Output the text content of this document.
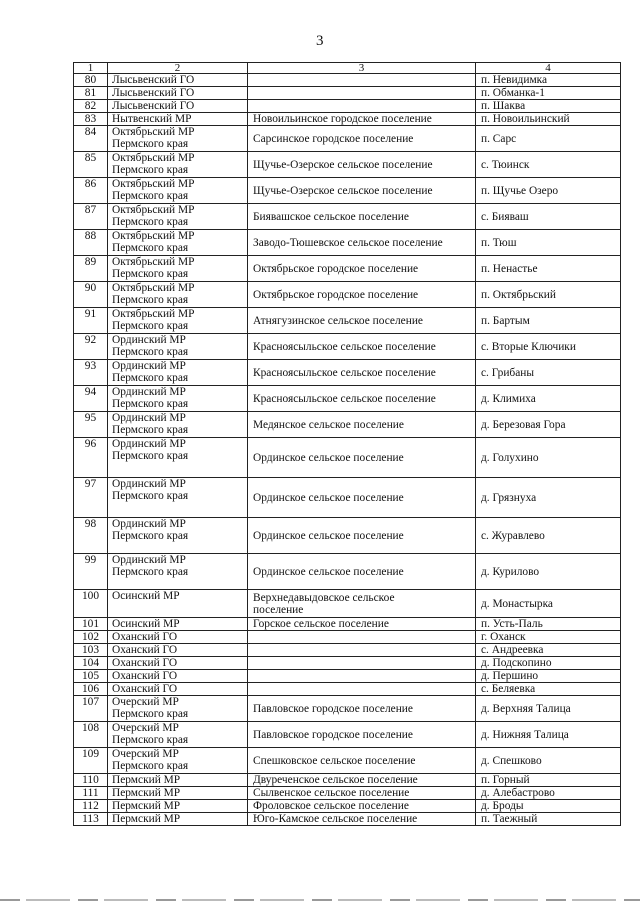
3
1	2	3	4
80	Лысьвенский ГО		п. Невидимка
81	Лысьвенский ГО		п. Обманка-1
82	Лысьвенский ГО		п. Шаква
83	Нытвенский МР	Новоильинское городское поселение	п. Новоильинский
84	Октябрьский МР
Пермского края	Сарсинское городское поселение	п. Сарс
85	Октябрьский МР
Пермского края	Щучье-Озерское сельское поселение	с. Тюинск
86	Октябрьский МР
Пермского края	Щучье-Озерское сельское поселение	п. Щучье Озеро
87	Октябрьский МР
Пермского края	Биявашское сельское поселение	с. Бияваш
88	Октябрьский МР
Пермского края	Заводо-Тюшевское сельское поселение	п. Тюш
89	Октябрьский МР
Пермского края	Октябрьское городское поселение	п. Ненастье
90	Октябрьский МР
Пермского края	Октябрьское городское поселение	п. Октябрьский
91	Октябрьский МР
Пермского края	Атнягузинское сельское поселение	п. Бартым
92	Ординский МР
Пермского края	Красноясыльское сельское поселение	с. Вторые Ключики
93	Ординский МР
Пермского края	Красноясыльское сельское поселение	с. Грибаны
94	Ординский МР
Пермского края	Красноясыльское сельское поселение	д. Климиха
95	Ординский МР
Пермского края	Медянское сельское поселение	д. Березовая Гора
96	Ординский МР
Пермского края	Ординское сельское поселение	д. Голухино
97	Ординский МР
Пермского края	Ординское сельское поселение	д. Грязнуха
98	Ординский МР
Пермского края	Ординское сельское поселение	с. Журавлево
99	Ординский МР
Пермского края	Ординское сельское поселение	д. Курилово
100	Осинский МР	Верхнедавыдовское сельское
поселение	д. Монастырка
101	Осинский МР	Горское сельское поселение	п. Усть-Паль
102	Оханский ГО		г. Оханск
103	Оханский ГО		с. Андреевка
104	Оханский ГО		д. Подскопино
105	Оханский ГО		д. Першино
106	Оханский ГО		с. Беляевка
107	Очерский МР
Пермского края	Павловское городское поселение	д. Верхняя Талица
108	Очерский МР
Пермского края	Павловское городское поселение	д. Нижняя Талица
109	Очерский МР
Пермского края	Спешковское сельское поселение	д. Спешково
110	Пермский МР	Двуреченское сельское поселение	п. Горный
111	Пермский МР	Сылвенское сельское поселение	д. Алебастрово
112	Пермский МР	Фроловское сельское поселение	д. Броды
113	Пермский МР	Юго-Камское сельское поселение	п. Таежный
